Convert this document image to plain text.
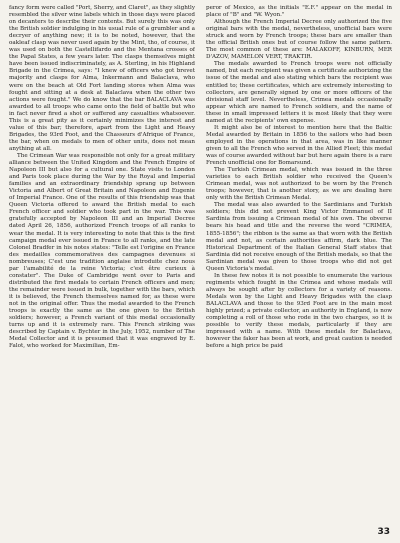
fancy form were called "Port, Sherry, and Claret", as they slightly resembled the silver wine labels which in those days were placed on decanters to describe their contents. But surely this was only the British soldier indulging in his usual rule of a grumbler and a decryer of anything new; it is to be noted, however, that the oakleaf clasp was never used again by the Mint, tho, of course, it was used on both the Castellifardo and the Mentana crosses of the Papal States, a few years later. The clasps themselves might have been issued indiscriminately, as A. Sterling, in his Highland Brigade in the Crimea, says: "I knew of officers who got brevet majority and clasps for Alma, Inkermann and Balaclava, who were on the beach at Old Fort landing stores when Alma was fought and sitting at a desk at Balaclava when the other two actions were fought." We do know that the bar BALACLAVA was awarded to all troops who came onto the field of battle but who in fact never fired a shot or suffered any casualties whatsoever. This is a great pity as it certainly minimizes the interest and value of this bar; therefore, apart from the Light and Heavy Brigades, the 93rd Foot, and the Chasseurs d'Afrique of France, the bar, when on medals to men of other units, does not mean anything at all.

The Crimean War was responsible not only for a great military alliance between the United Kingdom and the French Empire of Napoleon III but also for a cultural one. State visits to London and Paris took place during the War by the Royal and Imperial families and an extraordinary friendship sprang up between Victoria and Albert of Great Britain and Napoleon and Eugenie of Imperial France. One of the results of this friendship was that Queen Victoria offered to award the British medal to each French officer and soldier who took part in the war. This was gratefully accepted by Napoleon III and an Imperial Decree dated April 26, 1856, authorized French troops of all ranks to wear the medal. It is very interesting to note that this is the first campaign medal ever issued in France to all ranks, and the late Colonel Bradfer in his notes states: "Telle est l'origine en France des medailles commemoratives des campagnes devenues si nombreuses; C'est une tradition anglaise introduite chez nous par l'amabilité de la reine Victoria; c'est être curieux à constater". The Duke of Cambridge went over to Paris and distributed the first medals to certain French officers and men; the remainder were issued in bulk, together with the bars, which it is believed, the French themselves named for, as these were not in the original offer. Thus the medal awarded to the French troops is exactly the same as the one given to the British soldiers; however, a French variant of this medal occasionally turns up and it is extremely rare. This French striking was described by Captain v. Bychter in the July, 1952, number of The Medal Collector and it is presumed that it was engraved by E. Falot, who worked for Maximilian, Em-

peror of Mexico, as the initials "E.F." appear on the medal in place of "B" and "W. Wyon."

Although the French Imperial Decree only authorized the five original bars with the medal, nevertheless, unofficial bars were struck and worn by French troops; these bars are smaller than the official British ones but of course follow the same pattern. The most common of these are: MALAKOFF, KINBURN, MER D'AZOV, MAMELON VERT, TRAKTIR.

The medals awarded to French troops were not officially named, but each recipient was given a certificate authorizing the issue of the medal and also stating which bars the recipient was entitled to; these certificates, which are extremely interesting to collectors, are generally signed by one or more officers of the divisional staff level. Nevertheless, Crimea medals occasionally appear which are named to French soldiers, and the name of these in small impressed letters it is most likely that they were named at the recipients' own expense.

It might also be of interest to mention here that the Baltic Medal awarded by Britain in 1856 to the sailors who had been employed in the operations in that area, was in like manner given to all the French who served in the Allied Fleet; this medal was of course awarded without bar but here again there is a rare French unofficial one for Bomarsund.

The Turkish Crimean medal, which was issued in the three varieties to each British soldier who received the Queen's Crimean medal, was not authorized to be worn by the French troops; however, that is another story, as we are dealing here only with the British Crimean Medal.

The medal was also awarded to the Sardinians and Turkish soldiers; this did not prevent King Victor Emmanuel of II Sardinia from issuing a Crimean medal of his own. The obverse bears his head and title and the reverse the word "CRIMEA, 1855-1856"; the ribbon is the same as that worn with the British medal and not, as certain authorities affirm, dark blue. The Historical Department of the Italian General Staff states that Sardinia did not receive enough of the British medals, so that the Sardinian medal was given to those troops who did not get Queen Victoria's medal.

In these few notes it is not possible to enumerate the various regiments which fought in the Crimea and whose medals will always be sought after by collectors for a variety of reasons. Medals won by the Light and Heavy Brigades with the clasp BALACLAVA and those to the 93rd Foot are in the main most highly prized; a private collector, an authority in England, is now completing a roll of those who rode in the two charges, so it is possible to verify these medals, particularly if they are impressed with a name. With these medals for Balaclava, however the faker has been at work, and great caution is needed before a high price be paid

33
